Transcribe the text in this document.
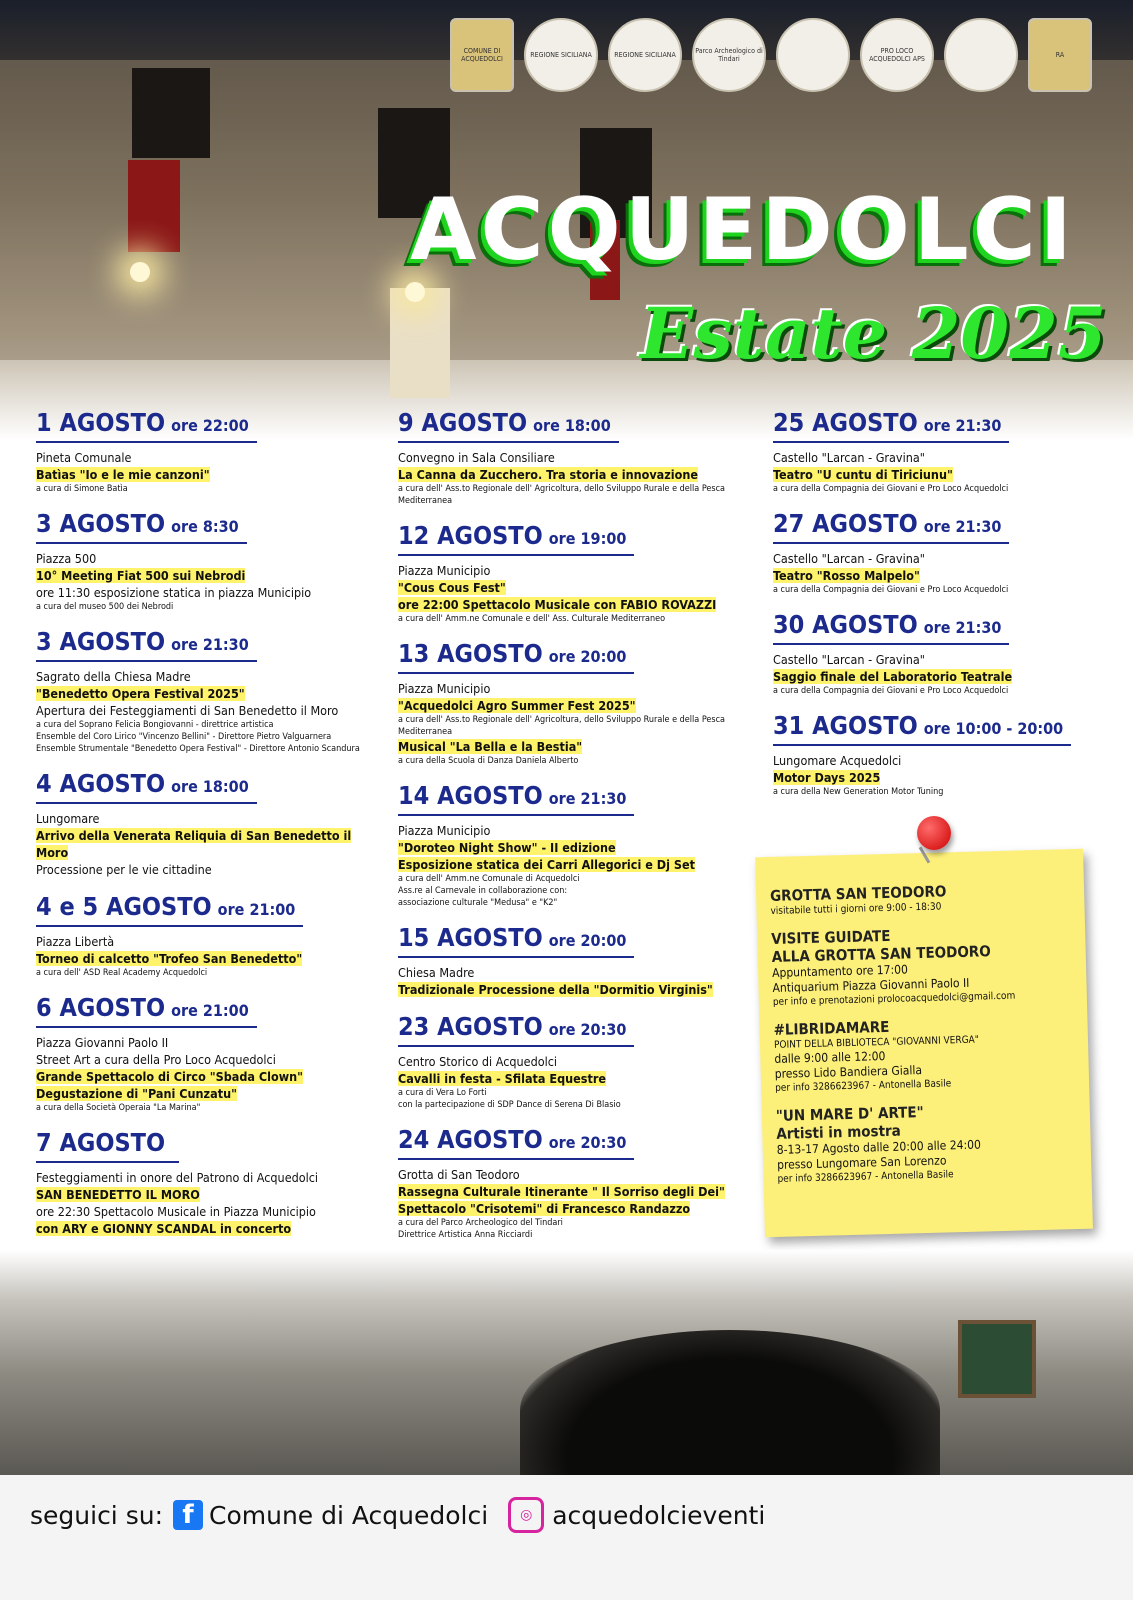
COMUNE DI ACQUEDOLCI	REGIONE SICILIANA	REGIONE SICILIANA	Parco Archeologico di Tindari
PRO LOCO ACQUEDOLCI APS	RA
ACQUEDOLCI
Estate 2025
1 AGOSTO ore 22:00
Pineta Comunale
Batìas "Io e le mie canzoni"
a cura di Simone Batìa
3 AGOSTO ore 8:30
Piazza 500
10° Meeting Fiat 500 sui Nebrodi
ore 11:30 esposizione statica in piazza Municipio
a cura del museo 500 dei Nebrodi
3 AGOSTO ore 21:30
Sagrato della Chiesa Madre
"Benedetto Opera Festival 2025"
Apertura dei Festeggiamenti di San Benedetto il Moro
a cura del Soprano Felicia Bongiovanni - direttrice artistica
Ensemble del Coro Lirico "Vincenzo Bellini" - Direttore Pietro Valguarnera
Ensemble Strumentale "Benedetto Opera Festival" - Direttore Antonio Scandura
4 AGOSTO ore 18:00
Lungomare
Arrivo della Venerata Reliquia di San Benedetto il Moro
Processione per le vie cittadine
4 e 5 AGOSTO ore 21:00
Piazza Libertà
Torneo di calcetto "Trofeo San Benedetto"
a cura dell' ASD Real Academy Acquedolci
6 AGOSTO ore 21:00
Piazza Giovanni Paolo II
Street Art a cura della Pro Loco Acquedolci
Grande Spettacolo di Circo "Sbada Clown"
Degustazione di "Pani Cunzatu"
a cura della Società Operaia "La Marina"
7 AGOSTO
Festeggiamenti in onore del Patrono di Acquedolci
SAN BENEDETTO IL MORO
ore 22:30 Spettacolo Musicale in Piazza Municipio
con ARY e GIONNY SCANDAL in concerto
9 AGOSTO ore 18:00
Convegno in Sala Consiliare
La Canna da Zucchero. Tra storia e innovazione
a cura dell' Ass.to Regionale dell' Agricoltura, dello Sviluppo Rurale e della Pesca Mediterranea
12 AGOSTO ore 19:00
Piazza Municipio
"Cous Cous Fest"
ore 22:00 Spettacolo Musicale con FABIO ROVAZZI
a cura dell' Amm.ne Comunale e dell' Ass. Culturale Mediterraneo
13 AGOSTO ore 20:00
Piazza Municipio
"Acquedolci Agro Summer Fest 2025"
a cura dell' Ass.to Regionale dell' Agricoltura, dello Sviluppo Rurale e della Pesca Mediterranea
Musical "La Bella e la Bestia"
a cura della Scuola di Danza Daniela Alberto
14 AGOSTO ore 21:30
Piazza Municipio
"Doroteo Night Show" - II edizione
Esposizione statica dei Carri Allegorici e Dj Set
a cura dell' Amm.ne Comunale di Acquedolci
Ass.re al Carnevale in collaborazione con:
associazione culturale "Medusa" e "K2"
15 AGOSTO ore 20:00
Chiesa Madre
Tradizionale Processione della "Dormitio Virginis"
23 AGOSTO ore 20:30
Centro Storico di Acquedolci
Cavalli in festa - Sfilata Equestre
a cura di Vera Lo Forti
con la partecipazione di SDP Dance di Serena Di Blasio
24 AGOSTO ore 20:30
Grotta di San Teodoro
Rassegna Culturale Itinerante " Il Sorriso degli Dei"
Spettacolo "Crisotemi" di Francesco Randazzo
a cura del Parco Archeologico del Tindari
Direttrice Artistica Anna Ricciardi
25 AGOSTO ore 21:30
Castello "Larcan - Gravina"
Teatro "U cuntu di Tiriciunu"
a cura della Compagnia dei Giovani e Pro Loco Acquedolci
27 AGOSTO ore 21:30
Castello "Larcan - Gravina"
Teatro "Rosso Malpelo"
a cura della Compagnia dei Giovani e Pro Loco Acquedolci
30 AGOSTO ore 21:30
Castello "Larcan - Gravina"
Saggio finale del Laboratorio Teatrale
a cura della Compagnia dei Giovani e Pro Loco Acquedolci
31 AGOSTO ore 10:00 - 20:00
Lungomare Acquedolci
Motor Days 2025
a cura della New Generation Motor Tuning
GROTTA SAN TEODORO
visitabile tutti i giorni ore 9:00 - 18:30
VISITE GUIDATE
ALLA GROTTA SAN TEODORO
Appuntamento ore 17:00
Antiquarium Piazza Giovanni Paolo II
per info e prenotazioni prolocoacquedolci@gmail.com
#LIBRIDAMARE
POINT DELLA BIBLIOTECA "GIOVANNI VERGA"
dalle 9:00 alle 12:00
presso Lido Bandiera Gialla
per info 3286623967 - Antonella Basile
"UN MARE D' ARTE"
Artisti in mostra
8-13-17 Agosto dalle 20:00 alle 24:00
presso Lungomare San Lorenzo
per info 3286623967 - Antonella Basile
seguici su: f Comune di Acquedolci	◎ acquedolcieventi
